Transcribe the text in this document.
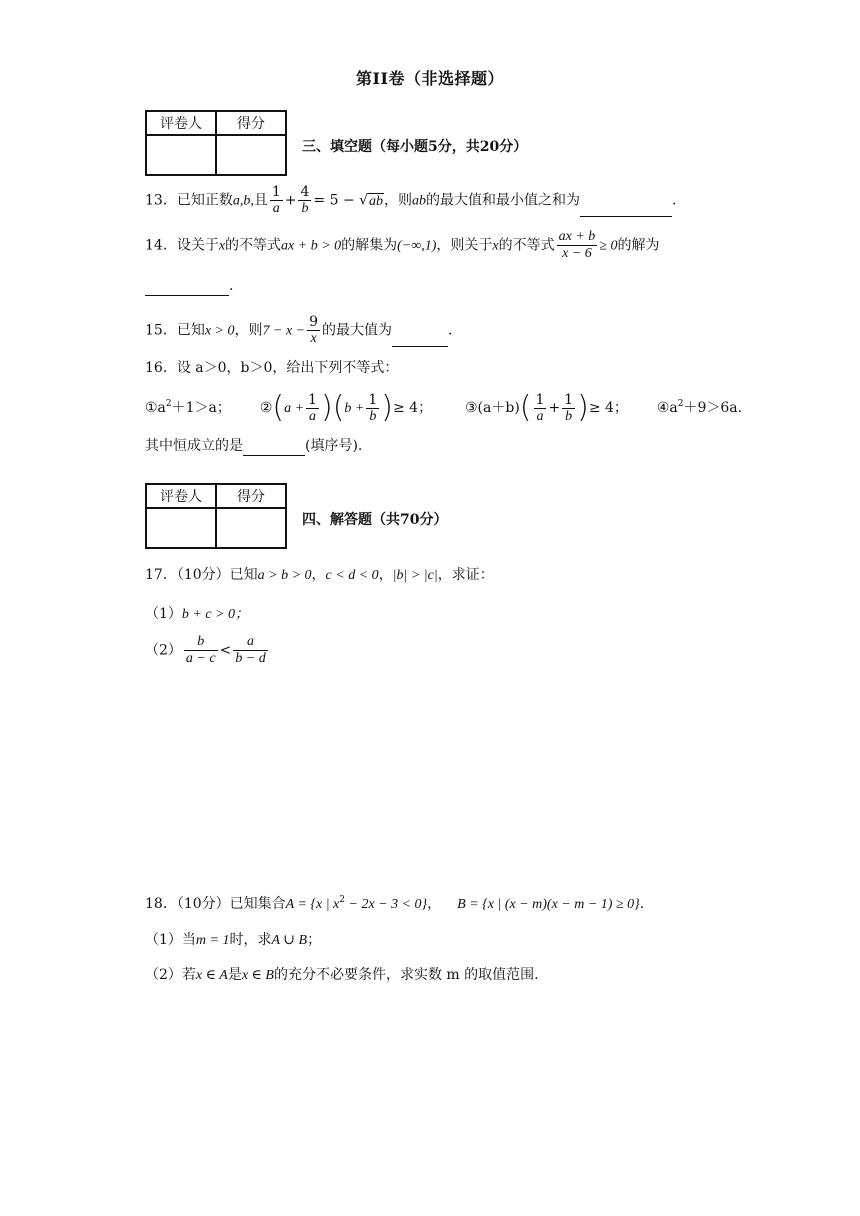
第II卷（非选择题）
评卷人	得分

三、填空题（每小题5分，共20分）
13．已知正数a,b,且 $\frac{1}{a} + \frac{4}{b} = 5 - √ab$，则ab的最大值和最小值之和为	.
14．设关于x的不等式ax + b > 0的解集为(−∞,1)，则关于x的不等式 $\frac{ax + b}{x - 6} \ge 0$的解为
.
15．已知x > 0，则$7 - x - \frac{9}{x}$ 的最大值为	.
16．设 a＞0，b＞0，给出下列不等式：
$①a^2+1>a$； ②(a + $\frac{1}{a} )(b + \frac{1}{b}$ )≥ 4； ③(a＋b)( $\frac{1}{a} + \frac{1}{b}$ )≥ 4； $④a^2+9>6a$.
其中恒成立的是	(填序号).
评卷人	得分

四、解答题（共70分）
17．（10分）已知a > b > 0，c < d < 0，|b| > |c|，求证：
（1）b + c > 0；
$(2) \frac{b}{a - c} < \frac{a}{b - d}$
18．（10分）已知集合A = {x | $x^2 - 2x - 3 < 0$}， B = {x | (x − m)(x − m − 1) ≥ 0}.
（1）当m = 1时，求A ∪ B；
（2）若x ∈ A是x ∈ B的充分不必要条件，求实数 m 的取值范围.
